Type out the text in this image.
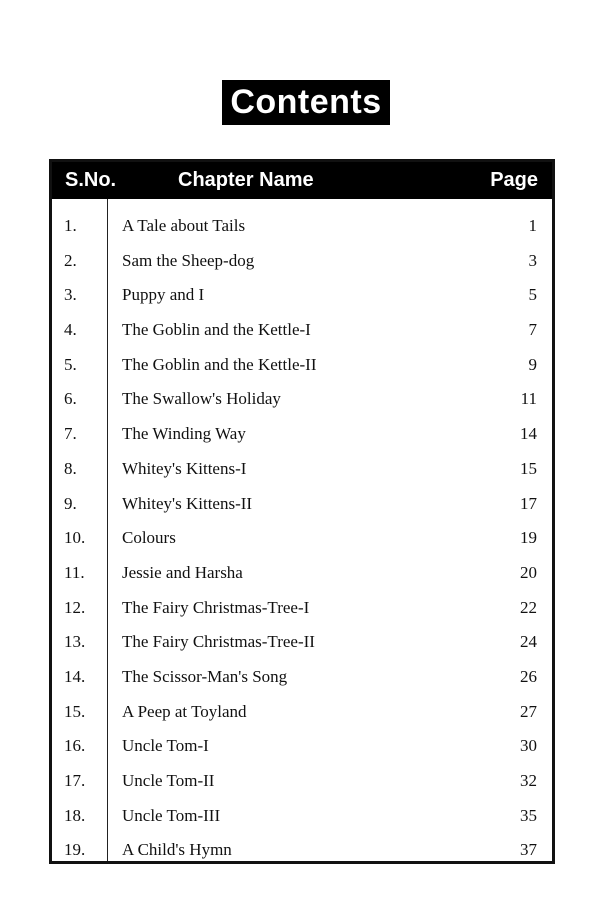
Contents
S.No.	Chapter Name	Page
1.	A Tale about Tails	1
2.	Sam the Sheep-dog	3
3.	Puppy and I	5
4.	The Goblin and the Kettle-I	7
5.	The Goblin and the Kettle-II	9
6.	The Swallow's Holiday	11
7.	The Winding Way	14
8.	Whitey's Kittens-I	15
9.	Whitey's Kittens-II	17
10. Colours	19
11. Jessie and Harsha	20
12. The Fairy Christmas-Tree-I	22
13. The Fairy Christmas-Tree-II	24
14. The Scissor-Man's Song	26
15. A Peep at Toyland	27
16. Uncle Tom-I	30
17. Uncle Tom-II	32
18. Uncle Tom-III	35
19. A Child's Hymn	37
